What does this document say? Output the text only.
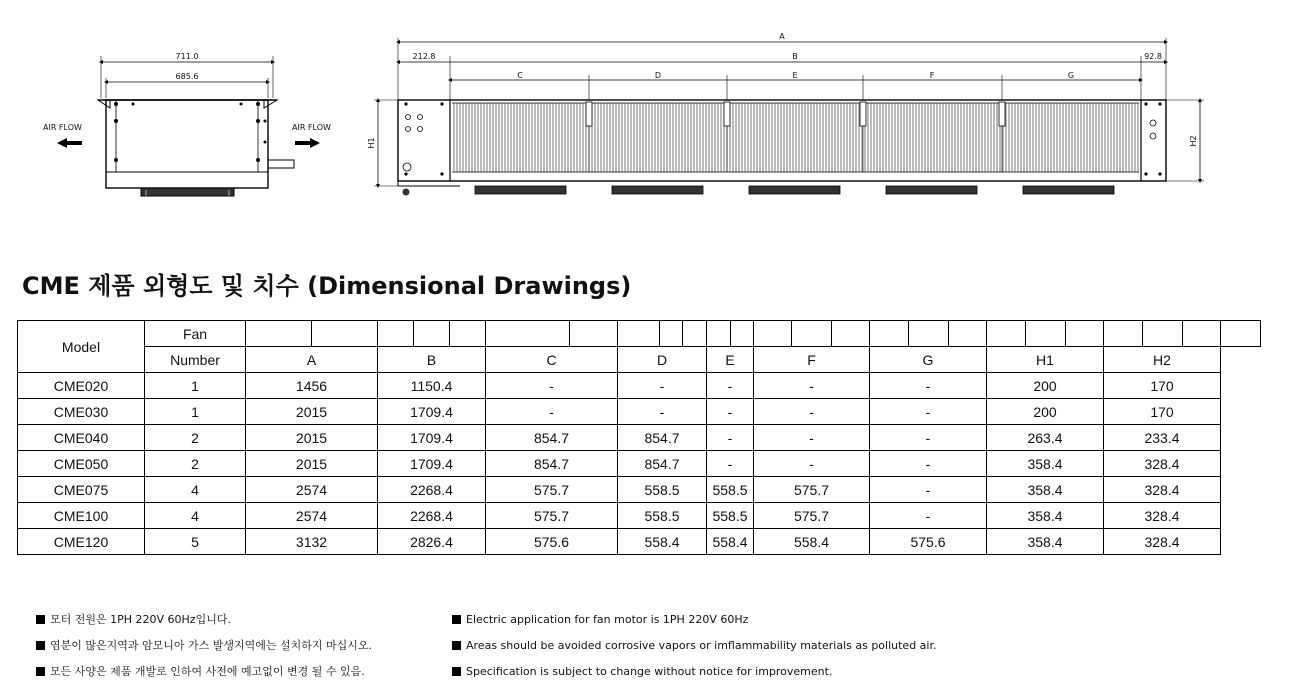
711.0
685.6
AIR FLOW	AIR FLOW
A
212.8	B	92.8
C	D	E	F	G
H1	H2
CME 제품 외형도 및 치수 (Dimensional Drawings)
Model	Fan																									
	Number	A		B			C		D			E		F			G			H1			H2			
CME020	1	1456		1150.4			-		-			-		-			-			200			170			
CME030	1	2015		1709.4			-		-			-		-			-			200			170			
CME040	2	2015		1709.4			854.7		854.7			-		-			-			263.4			233.4			
CME050	2	2015		1709.4			854.7		854.7			-		-			-			358.4			328.4			
CME075	4	2574		2268.4			575.7		558.5			558.5		575.7			-			358.4			328.4			
CME100	4	2574		2268.4			575.7		558.5			558.5		575.7			-			358.4			328.4			
CME120	5	3132		2826.4			575.6		558.4			558.4		558.4			575.6			358.4			328.4			
모터 전원은 1PH 220V 60Hz입니다.
염분이 많은지역과 암모니아 가스 발생지역에는 설치하지 마십시오.
모든 사양은 제품 개발로 인하여 사전에 예고없이 변경 될 수 있음.
Electric application for fan motor is 1PH 220V 60Hz
Areas should be avoided corrosive vapors or imflammability materials as polluted air.
Specification is subject to change without notice for improvement.
